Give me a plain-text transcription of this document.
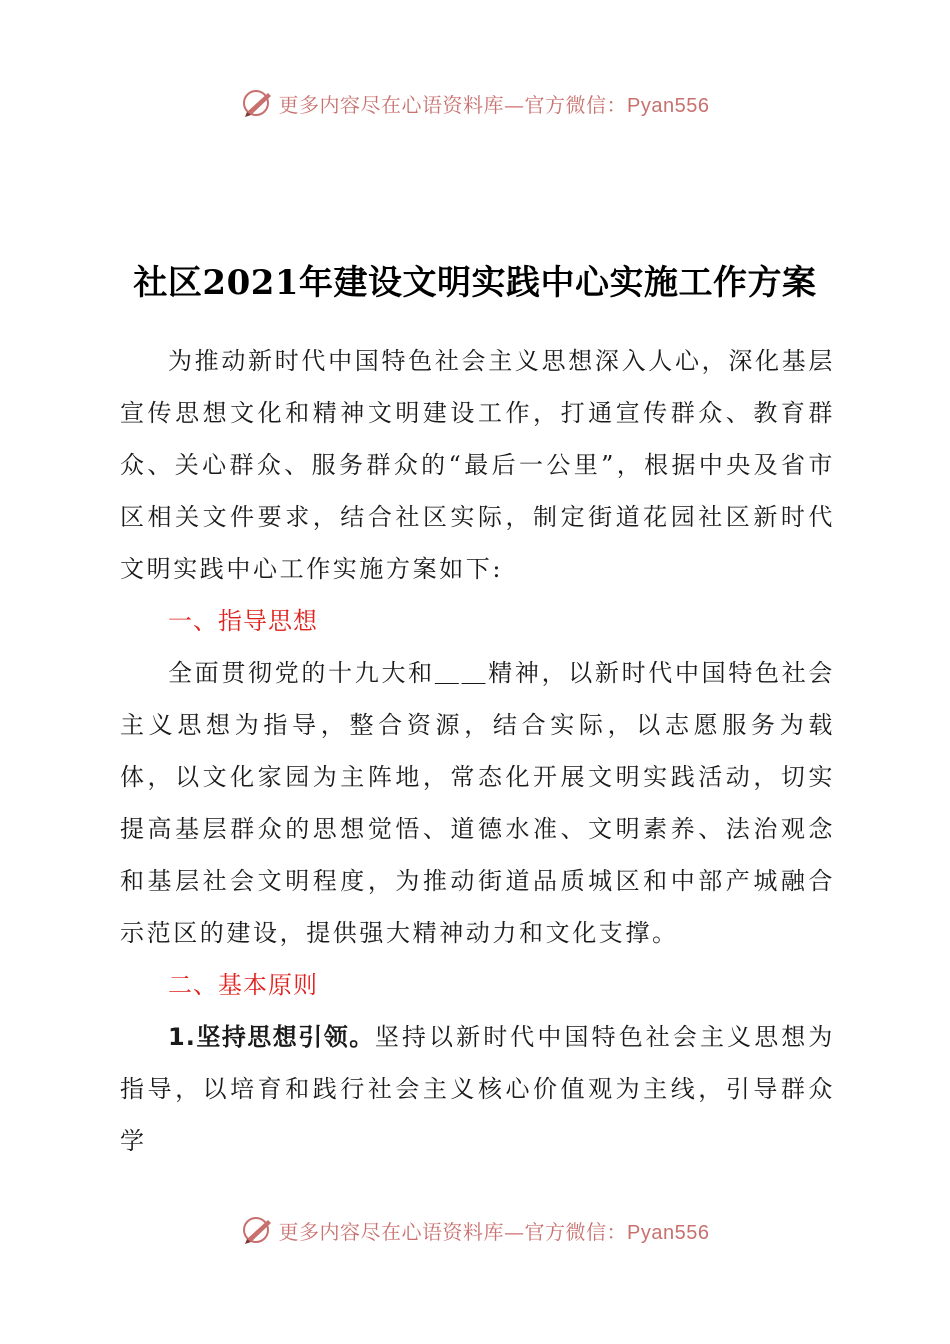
更多内容尽在心语资料库—官方微信：Pyan556
社区2021年建设文明实践中心实施工作方案

为推动新时代中国特色社会主义思想深入人心，深化基层宣传思想文化和精神文明建设工作，打通宣传群众、教育群众、关心群众、服务群众的“最后一公里”，根据中央及省市区相关文件要求，结合社区实际，制定街道花园社区新时代文明实践中心工作实施方案如下:

一、指导思想

全面贯彻党的十九大和＿＿精神，以新时代中国特色社会主义思想为指导，整合资源，结合实际，以志愿服务为载体，以文化家园为主阵地，常态化开展文明实践活动，切实提高基层群众的思想觉悟、道德水准、文明素养、法治观念和基层社会文明程度，为推动街道品质城区和中部产城融合示范区的建设，提供强大精神动力和文化支撑。

二、基本原则

1.坚持思想引领。坚持以新时代中国特色社会主义思想为指导，以培育和践行社会主义核心价值观为主线，引导群众学

更多内容尽在心语资料库—官方微信：Pyan556
